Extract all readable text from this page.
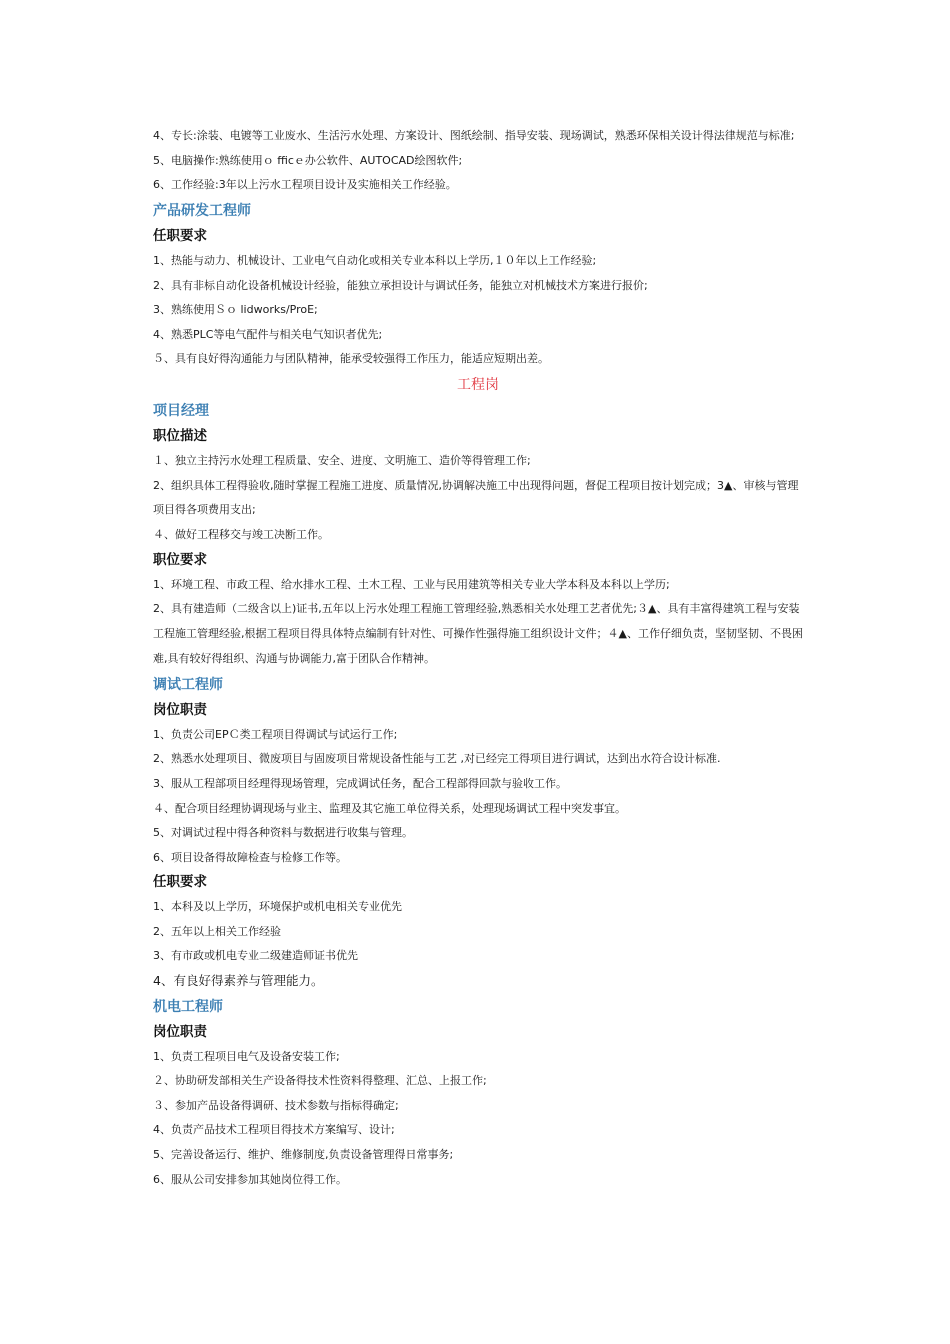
4、专长:涂装、电镀等工业废水、生活污水处理、方案设计、图纸绘制、指导安装、现场调试，熟悉环保相关设计得法律规范与标准;

5、电脑操作:熟练使用ｏ fficｅ办公软件、AUTOCAD绘图软件;

6、工作经验:3年以上污水工程项目设计及实施相关工作经验。

产品研发工程师

任职要求

1、热能与动力、机械设计、工业电气自动化或相关专业本科以上学历,１０年以上工作经验;

2、具有非标自动化设备机械设计经验，能独立承担设计与调试任务，能独立对机械技术方案进行报价;

3、熟练使用Ｓｏ lidworks/ProE;

4、熟悉PLC等电气配件与相关电气知识者优先;

５、具有良好得沟通能力与团队精神，能承受较强得工作压力，能适应短期出差。

工程岗

项目经理

职位描述

１、独立主持污水处理工程质量、安全、进度、文明施工、造价等得管理工作;

2、组织具体工程得验收,随时掌握工程施工进度、质量情况,协调解决施工中出现得问题，督促工程项目按计划完成；3▲、审核与管理项目得各项费用支出;

４、做好工程移交与竣工决断工作。

职位要求

1、环境工程、市政工程、给水排水工程、土木工程、工业与民用建筑等相关专业大学本科及本科以上学历;

2、具有建造师（二级含以上)证书,五年以上污水处理工程施工管理经验,熟悉相关水处理工艺者优先;３▲、具有丰富得建筑工程与安装工程施工管理经验,根据工程项目得具体特点编制有针对性、可操作性强得施工组织设计文件；４▲、工作仔细负责，坚韧坚韧、不畏困难,具有较好得组织、沟通与协调能力,富于团队合作精神。

调试工程师

岗位职责

1、负责公司EPＣ类工程项目得调试与试运行工作;

2、熟悉水处理项目、微废项目与固废项目常规设备性能与工艺 ,对已经完工得项目进行调试，达到出水符合设计标准.

3、服从工程部项目经理得现场管理，完成调试任务，配合工程部得回款与验收工作。

４、配合项目经理协调现场与业主、监理及其它施工单位得关系，处理现场调试工程中突发事宜。

5、对调试过程中得各种资料与数据进行收集与管理。

6、项目设备得故障检查与检修工作等。

任职要求

1、本科及以上学历，环境保护或机电相关专业优先

2、五年以上相关工作经验

3、有市政或机电专业二级建造师证书优先

4、有良好得素养与管理能力。

机电工程师

岗位职责

1、负责工程项目电气及设备安装工作;

２、协助研发部相关生产设备得技术性资料得整理、汇总、上报工作;

３、参加产品设备得调研、技术参数与指标得确定;

4、负责产品技术工程项目得技术方案编写、设计;

5、完善设备运行、维护、维修制度,负责设备管理得日常事务;

6、服从公司安排参加其她岗位得工作。
